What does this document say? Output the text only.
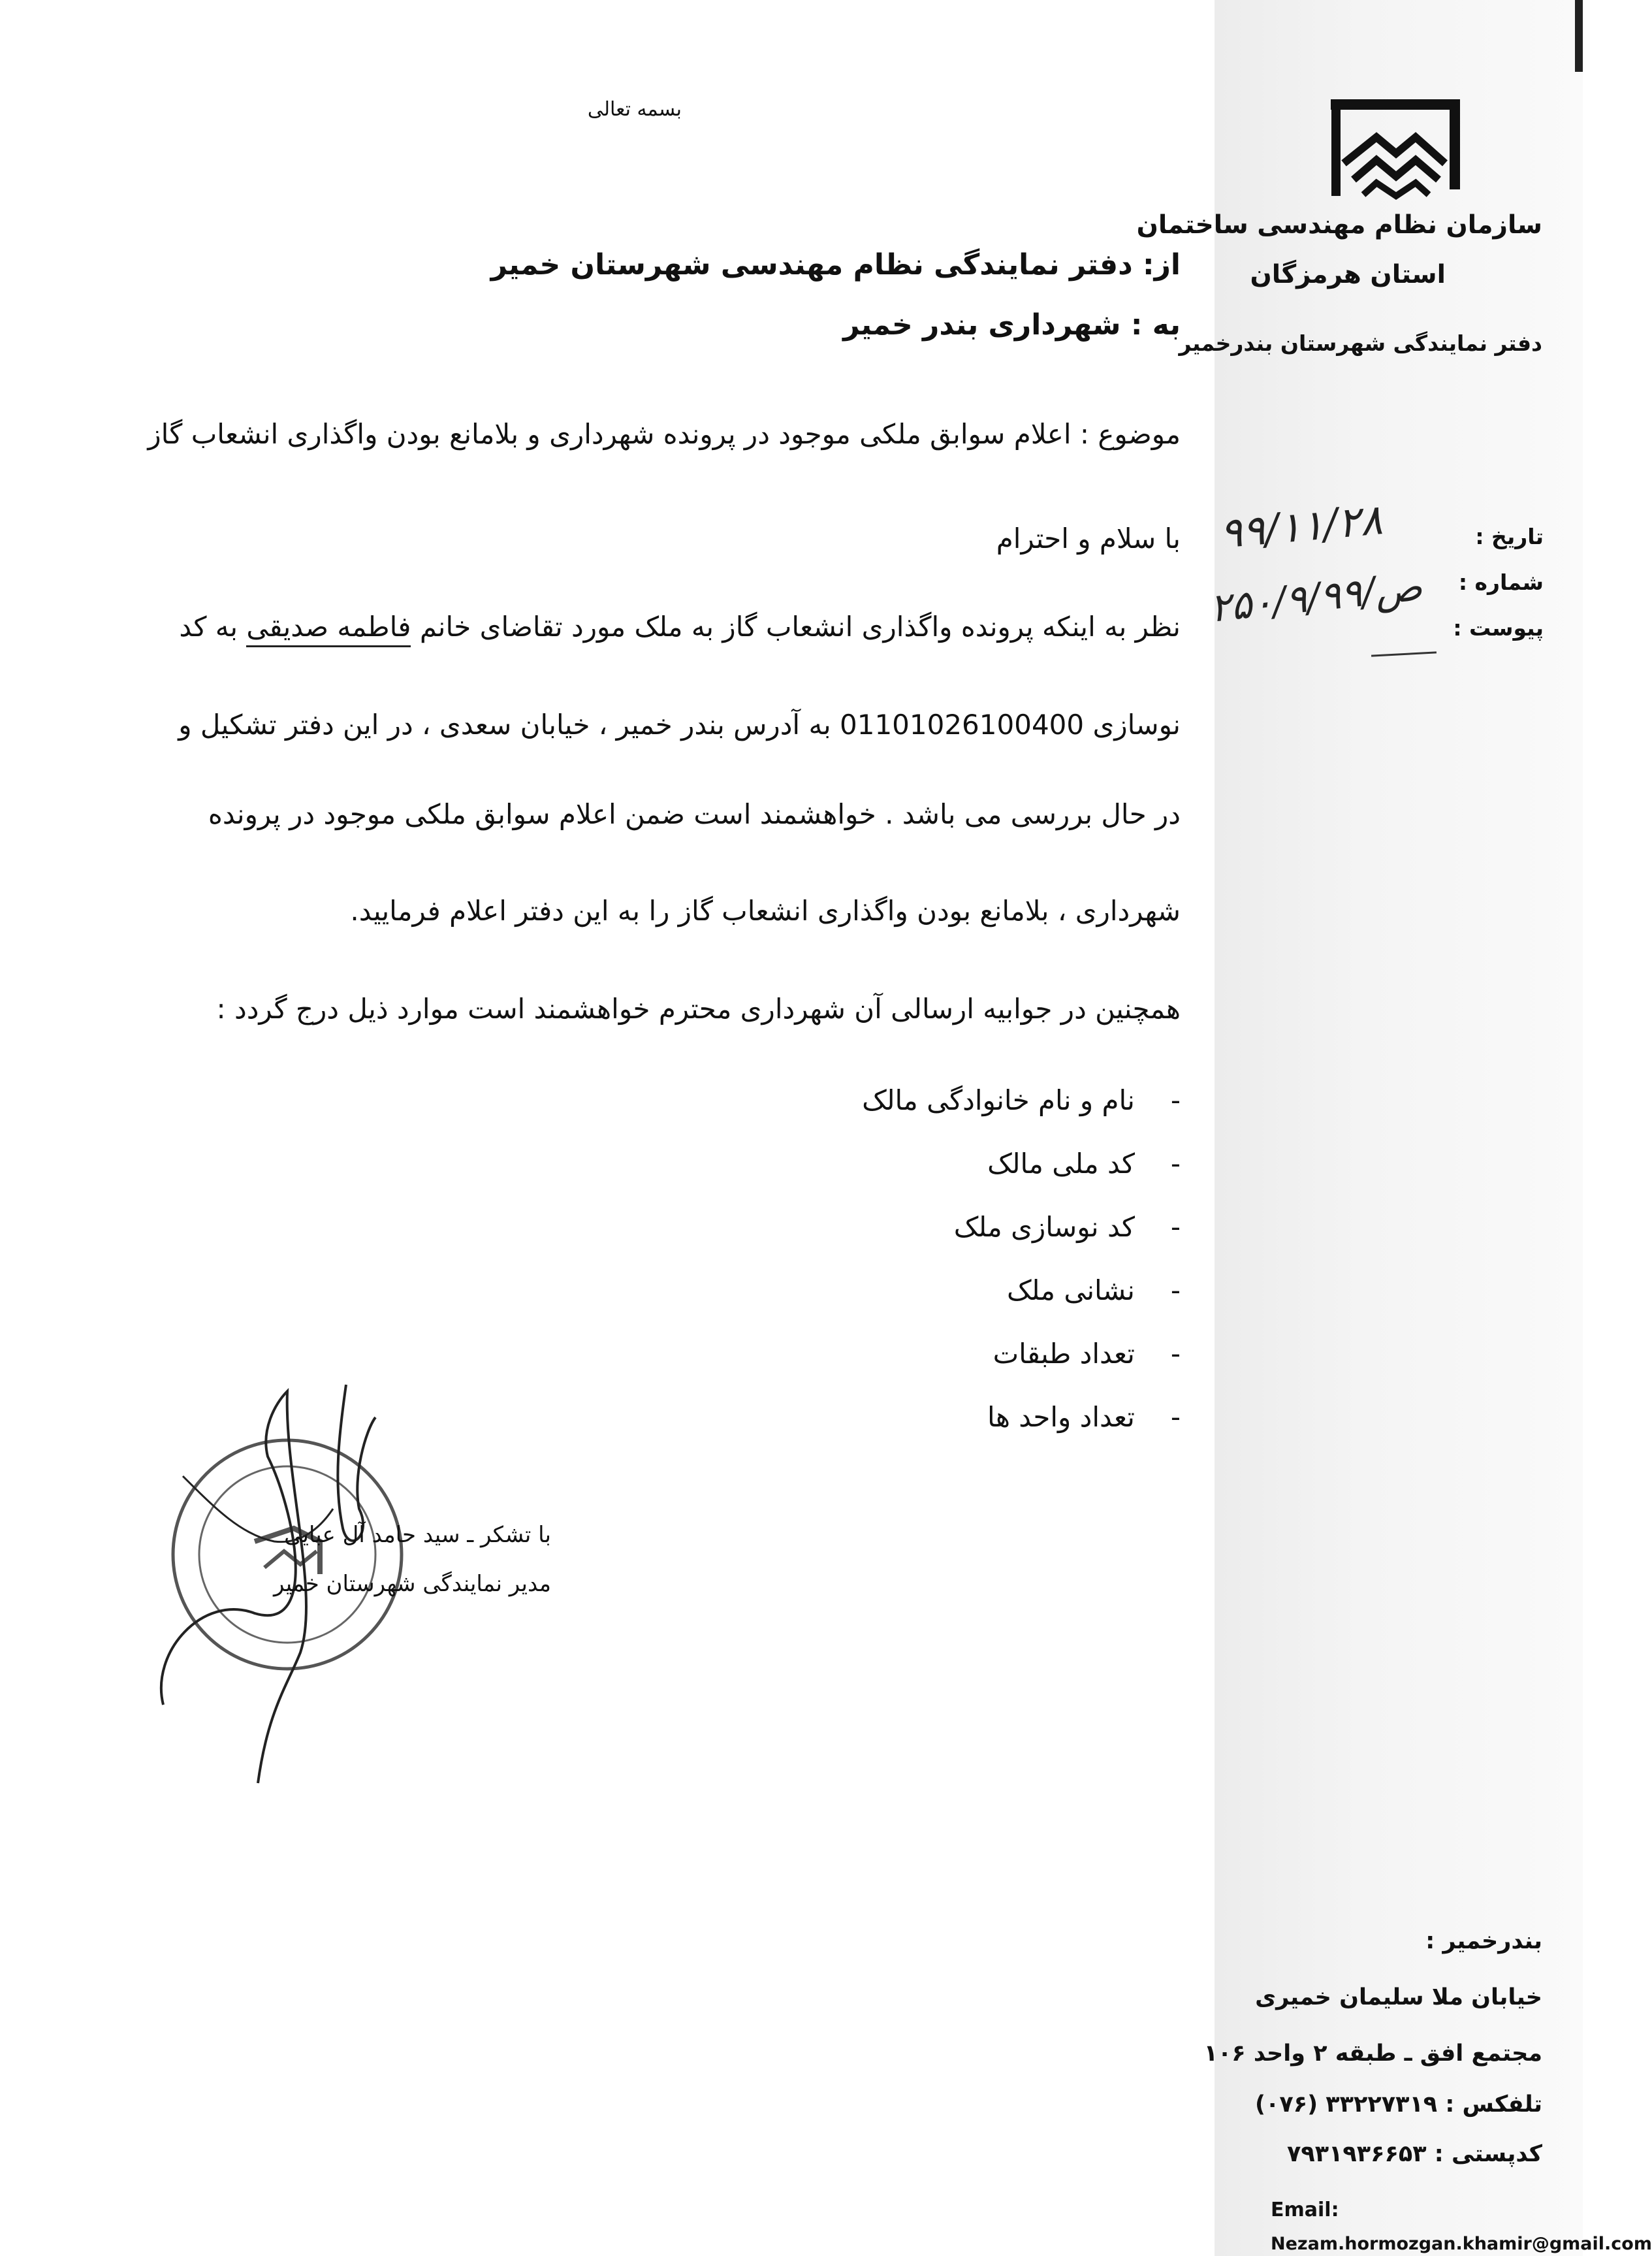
سازمان نظام مهندسی ساختمان
استان هرمزگان
دفتر نمایندگی شهرستان بندرخمیر
تاریخ :
شماره :
پیوست :
۹۹/۱۱/۲۸
۲۵۰/۹/۹۹/ص
بسمه تعالی
از: دفتر نمایندگی نظام مهندسی شهرستان خمیر
به : شهرداری بندر خمیر
موضوع : اعلام سوابق ملکی موجود در پرونده شهرداری و بلامانع بودن واگذاری انشعاب گاز
با سلام و احترام
نظر به اینکه پرونده واگذاری انشعاب گاز به ملک مورد تقاضای خانم فاطمه صدیقی به کد
نوسازی 01101026100400 به آدرس بندر خمیر ، خیابان سعدی ، در این دفتر تشکیل و
در حال بررسی می باشد . خواهشمند است ضمن اعلام سوابق ملکی موجود در پرونده
شهرداری ، بلامانع بودن واگذاری انشعاب گاز را به این دفتر اعلام فرمایید.
همچنین در جوابیه ارسالی آن شهرداری محترم خواهشمند است موارد ذیل درج گردد :
-نام و نام خانوادگی مالک
-کد ملی مالک
-کد نوسازی ملک
-نشانی ملک
-تعداد طبقات
-تعداد واحد ها
با تشکر ـ سید حامد آل عبایی
مدیر نمایندگی شهرستان خمیر
بندرخمیر :
خیابان ملا سلیمان خمیری
مجتمع افق ـ طبقه ۲ واحد ۱۰۶
تلفکس : ۳۳۲۲۷۳۱۹ (۰۷۶)
کدپستی : ۷۹۳۱۹۳۶۶۵۳
Email:
Nezam.hormozgan.khamir@gmail.com
